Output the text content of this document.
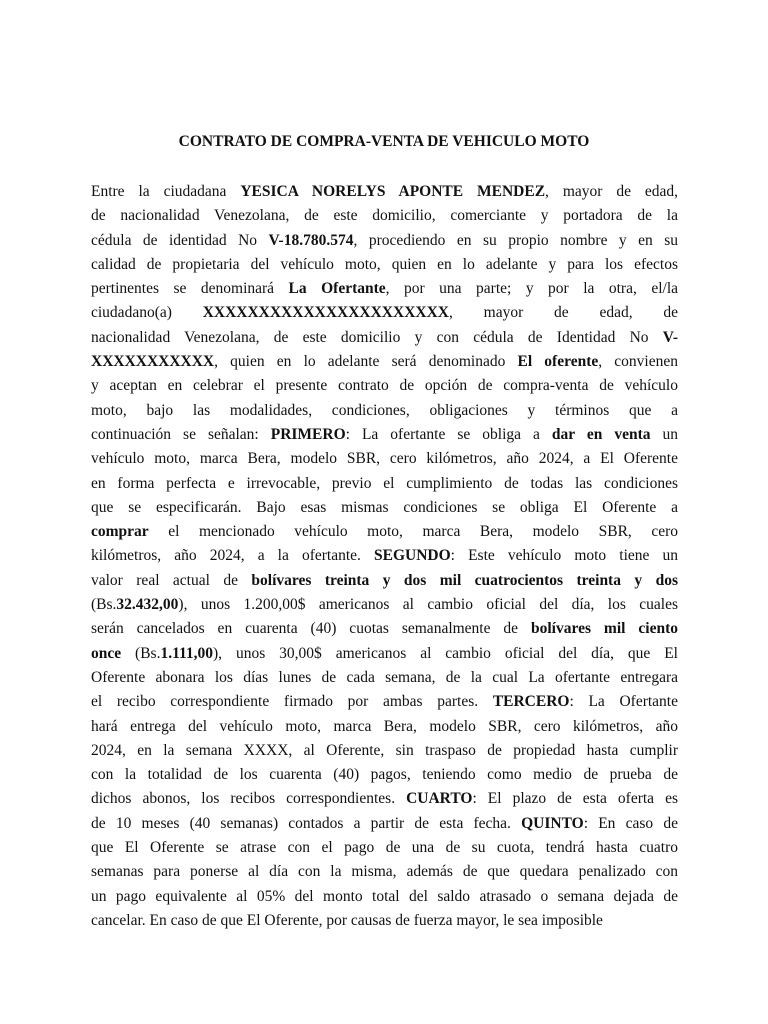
CONTRATO DE COMPRA-VENTA DE VEHICULO MOTO
Entre la ciudadana YESICA NORELYS APONTE MENDEZ, mayor de edad,
de nacionalidad Venezolana, de este domicilio, comerciante y portadora de la
cédula de identidad No V-18.780.574, procediendo en su propio nombre y en su
calidad de propietaria del vehículo moto, quien en lo adelante y para los efectos
pertinentes se denominará La Ofertante, por una parte; y por la otra, el/la
ciudadano(a) XXXXXXXXXXXXXXXXXXXXXX, mayor de edad, de
nacionalidad Venezolana, de este domicilio y con cédula de Identidad No V-
XXXXXXXXXXX, quien en lo adelante será denominado El oferente, convienen
y aceptan en celebrar el presente contrato de opción de compra-venta de vehículo
moto, bajo las modalidades, condiciones, obligaciones y términos que a
continuación se señalan: PRIMERO: La ofertante se obliga a dar en venta un
vehículo moto, marca Bera, modelo SBR, cero kilómetros, año 2024, a El Oferente
en forma perfecta e irrevocable, previo el cumplimiento de todas las condiciones
que se especificarán. Bajo esas mismas condiciones se obliga El Oferente a
comprar el mencionado vehículo moto, marca Bera, modelo SBR, cero
kilómetros, año 2024, a la ofertante. SEGUNDO: Este vehículo moto tiene un
valor real actual de bolívares treinta y dos mil cuatrocientos treinta y dos
(Bs.32.432,00), unos 1.200,00$ americanos al cambio oficial del día, los cuales
serán cancelados en cuarenta (40) cuotas semanalmente de bolívares mil ciento
once (Bs.1.111,00), unos 30,00$ americanos al cambio oficial del día, que El
Oferente abonara los días lunes de cada semana, de la cual La ofertante entregara
el recibo correspondiente firmado por ambas partes. TERCERO: La Ofertante
hará entrega del vehículo moto, marca Bera, modelo SBR, cero kilómetros, año
2024, en la semana XXXX, al Oferente, sin traspaso de propiedad hasta cumplir
con la totalidad de los cuarenta (40) pagos, teniendo como medio de prueba de
dichos abonos, los recibos correspondientes. CUARTO: El plazo de esta oferta es
de 10 meses (40 semanas) contados a partir de esta fecha. QUINTO: En caso de
que El Oferente se atrase con el pago de una de su cuota, tendrá hasta cuatro
semanas para ponerse al día con la misma, además de que quedara penalizado con
un pago equivalente al 05% del monto total del saldo atrasado o semana dejada de
cancelar. En caso de que El Oferente, por causas de fuerza mayor, le sea imposible
